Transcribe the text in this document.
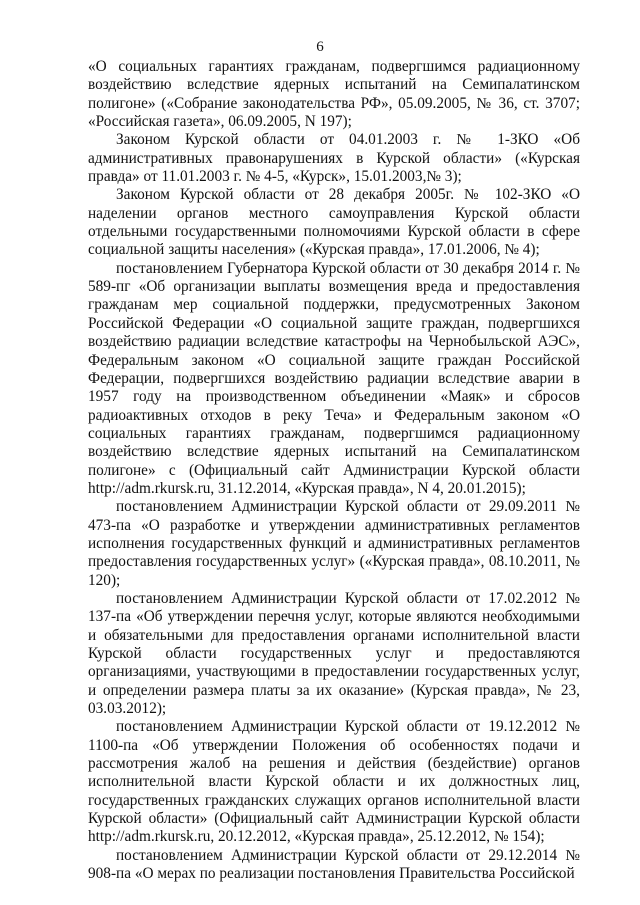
6

«О социальных гарантиях гражданам, подвергшимся радиационному воздействию вследствие ядерных испытаний на Семипалатинском полигоне» («Собрание законодательства РФ», 05.09.2005, № 36, ст. 3707; «Российская газета», 06.09.2005, N 197);

Законом Курской области от 04.01.2003 г. № 1-ЗКО «Об административных правонарушениях в Курской области» («Курская правда» от 11.01.2003 г. № 4-5, «Курск», 15.01.2003,№ 3);

Законом Курской области от 28 декабря 2005г. № 102-ЗКО «О наделении органов местного самоуправления Курской области отдельными государственными полномочиями Курской области в сфере социальной защиты населения» («Курская правда», 17.01.2006, № 4);

постановлением Губернатора Курской области от 30 декабря 2014 г. № 589-пг «Об организации выплаты возмещения вреда и предоставления гражданам мер социальной поддержки, предусмотренных Законом Российской Федерации «О социальной защите граждан, подвергшихся воздействию радиации вследствие катастрофы на Чернобыльской АЭС», Федеральным законом «О социальной защите граждан Российской Федерации, подвергшихся воздействию радиации вследствие аварии в 1957 году на производственном объединении «Маяк» и сбросов радиоактивных отходов в реку Теча» и Федеральным законом «О социальных гарантиях гражданам, подвергшимся радиационному воздействию вследствие ядерных испытаний на Семипалатинском полигоне» с (Официальный сайт Администрации Курской области http://adm.rkursk.ru, 31.12.2014, «Курская правда», N 4, 20.01.2015);

постановлением Администрации Курской области от 29.09.2011 № 473-па «О разработке и утверждении административных регламентов исполнения государственных функций и административных регламентов предоставления государственных услуг» («Курская правда», 08.10.2011, № 120);

постановлением Администрации Курской области от 17.02.2012 № 137-па «Об утверждении перечня услуг, которые являются необходимыми и обязательными для предоставления органами исполнительной власти Курской области государственных услуг и предоставляются организациями, участвующими в предоставлении государственных услуг, и определении размера платы за их оказание» (Курская правда», № 23, 03.03.2012);

постановлением Администрации Курской области от 19.12.2012 № 1100-па «Об утверждении Положения об особенностях подачи и рассмотрения жалоб на решения и действия (бездействие) органов исполнительной власти Курской области и их должностных лиц, государственных гражданских служащих органов исполнительной власти Курской области» (Официальный сайт Администрации Курской области http://adm.rkursk.ru, 20.12.2012, «Курская правда», 25.12.2012, № 154);

постановлением Администрации Курской области от 29.12.2014 № 908-па «О мерах по реализации постановления Правительства Российской
